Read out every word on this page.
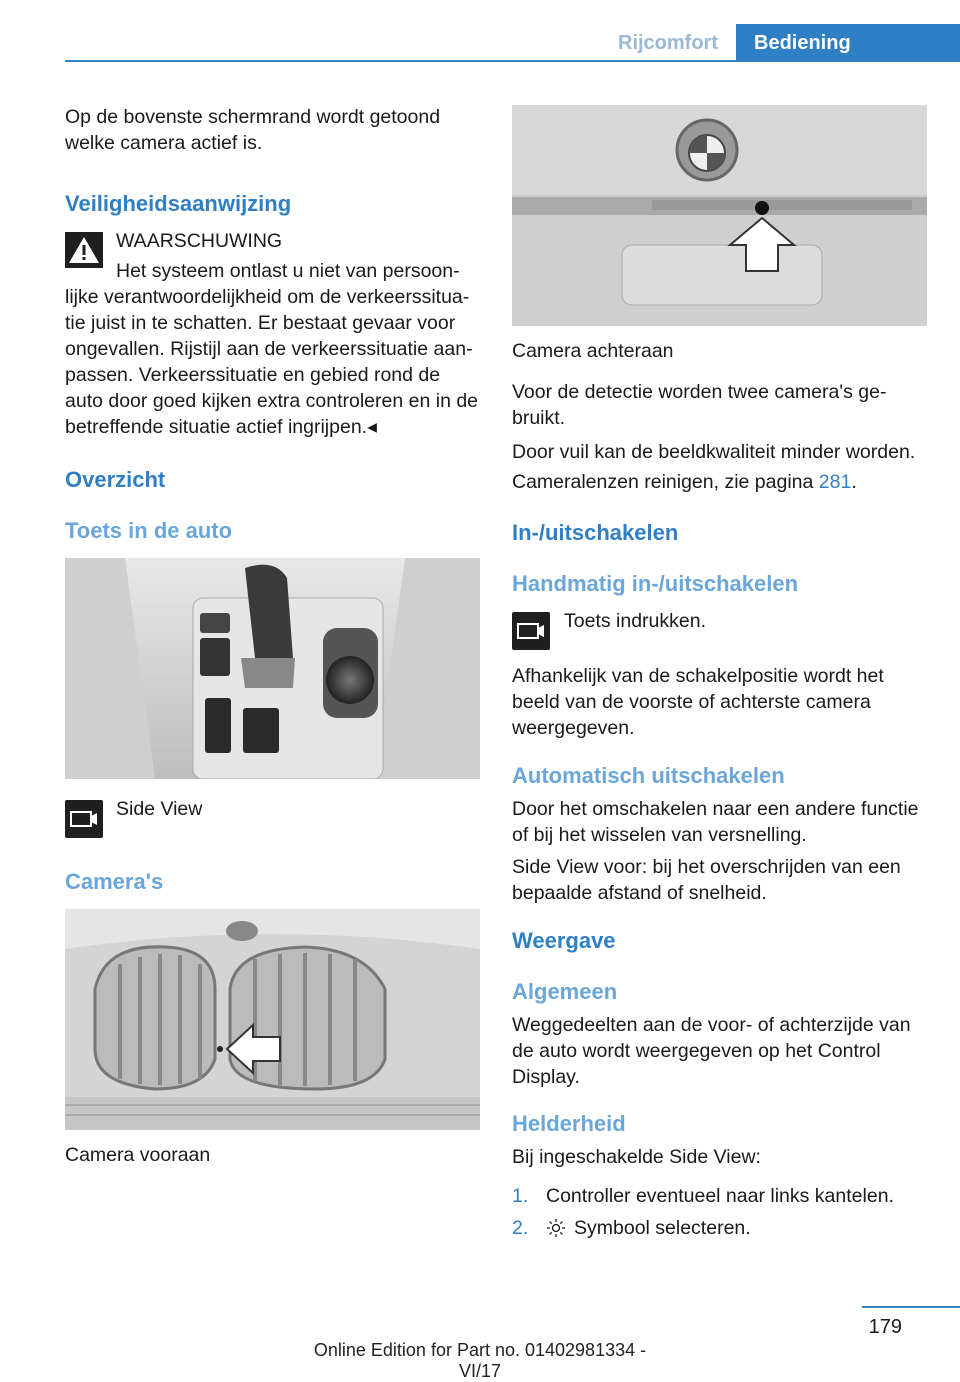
Rijcomfort	Bediening

Op de bovenste schermrand wordt getoond welke camera actief is.

Veiligheidsaanwijzing
WAARSCHUWING
Het systeem ontlast u niet van persoon-

lijke verantwoordelijkheid om de verkeerssitua-tie juist in te schatten. Er bestaat gevaar voor ongevallen. Rijstijl aan de verkeerssituatie aan-passen. Verkeerssituatie en gebied rond de auto door goed kijken extra controleren en in de betreffende situatie actief ingrijpen.◂

Overzicht
Toets in de auto
Side View
Camera's
Camera vooraan
Camera achteraan

Voor de detectie worden twee camera's ge-bruikt.

Door vuil kan de beeldkwaliteit minder worden.

Cameralenzen reinigen, zie pagina 281.

In-/uitschakelen
Handmatig in-/uitschakelen
Toets indrukken.

Afhankelijk van de schakelpositie wordt het beeld van de voorste of achterste camera weergegeven.

Automatisch uitschakelen

Door het omschakelen naar een andere functie of bij het wisselen van versnelling.

Side View voor: bij het overschrijden van een bepaalde afstand of snelheid.

Weergave
Algemeen

Weggedeelten aan de voor- of achterzijde van de auto wordt weergegeven op het Control Display.

Helderheid

Bij ingeschakelde Side View:

1. Controller eventueel naar links kantelen.
2.	Symbool selecteren.
179
Online Edition for Part no. 01402981334 - VI/17
